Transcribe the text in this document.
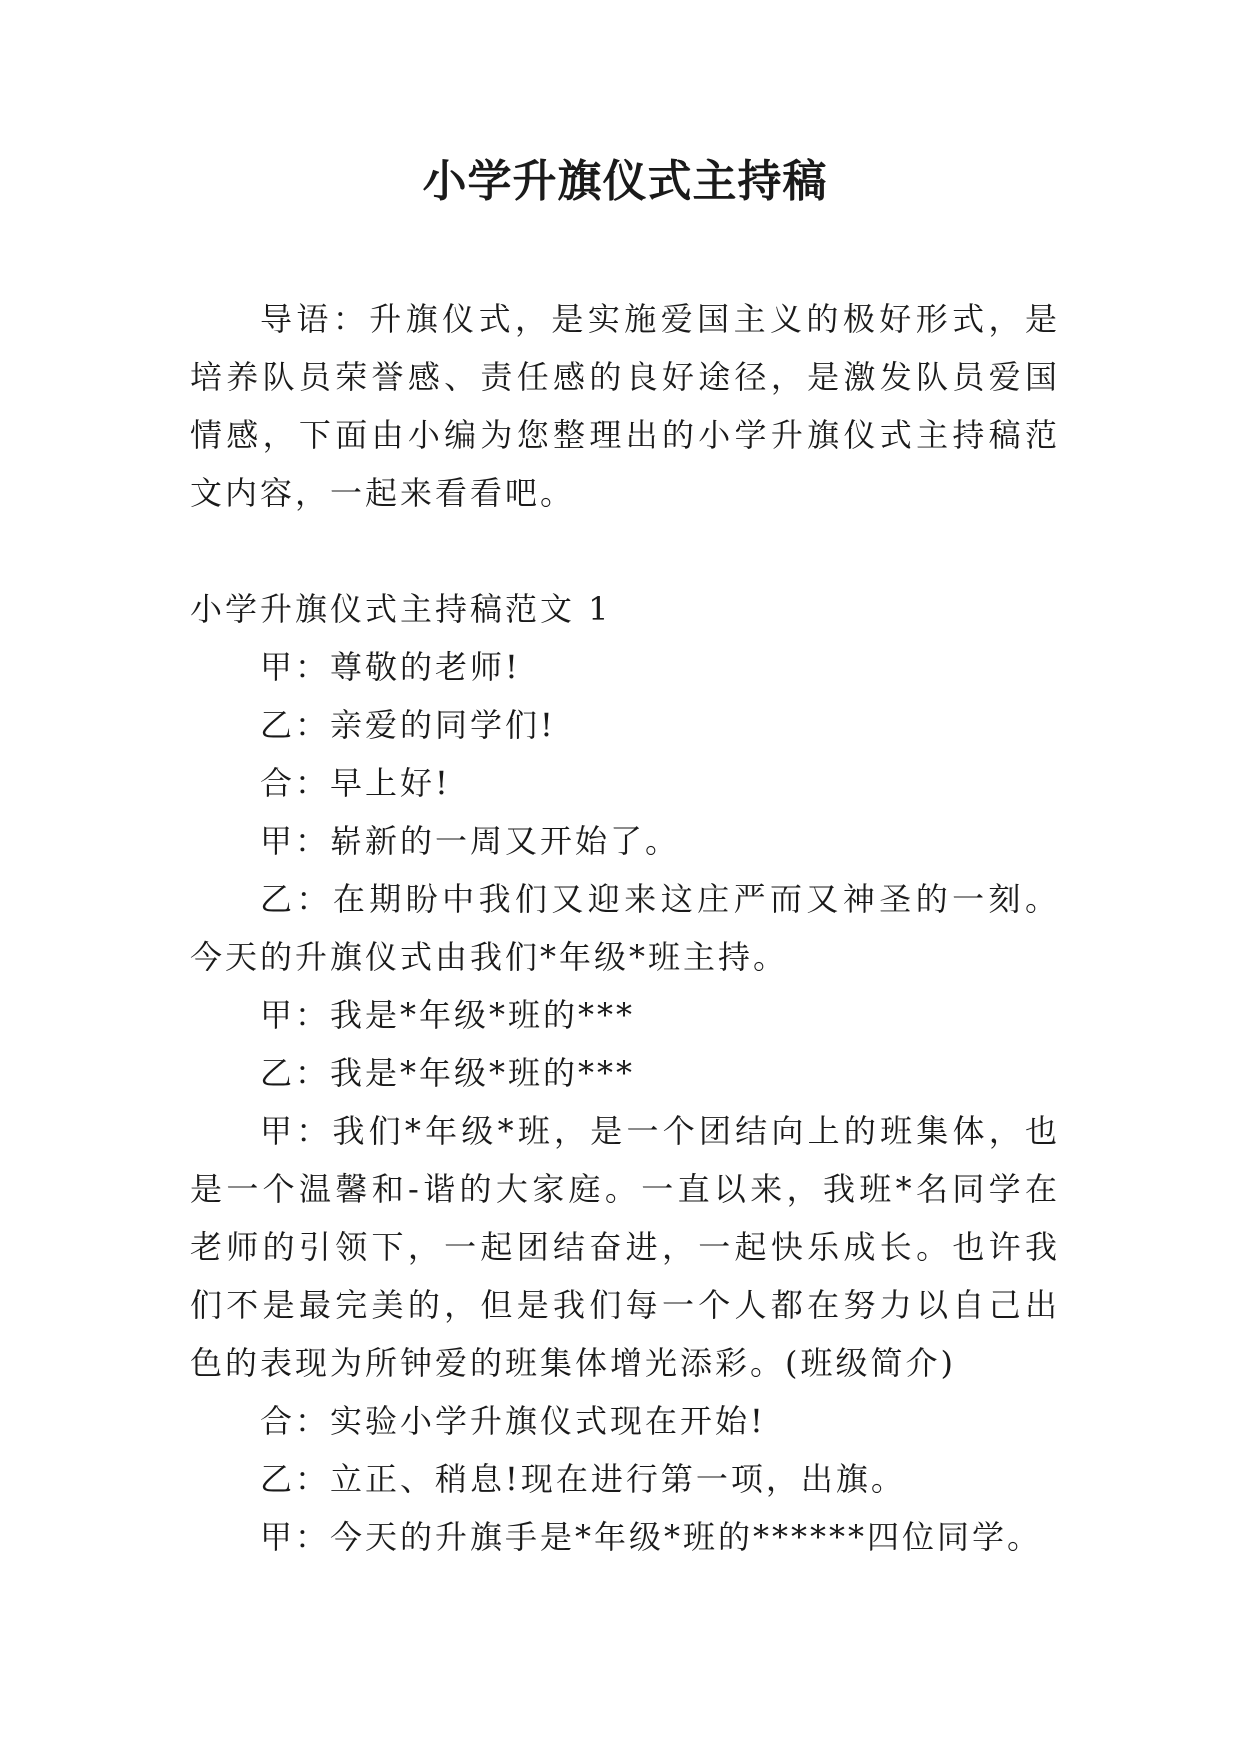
小学升旗仪式主持稿

导语：升旗仪式，是实施爱国主义的极好形式，是培养队员荣誉感、责任感的良好途径，是激发队员爱国情感，下面由小编为您整理出的小学升旗仪式主持稿范文内容，一起来看看吧。

小学升旗仪式主持稿范文 1

甲：尊敬的老师!

乙：亲爱的同学们!

合：早上好!

甲：崭新的一周又开始了。

乙：在期盼中我们又迎来这庄严而又神圣的一刻。今天的升旗仪式由我们*年级*班主持。

甲：我是*年级*班的***

乙：我是*年级*班的***

甲：我们*年级*班，是一个团结向上的班集体，也是一个温馨和-谐的大家庭。一直以来，我班*名同学在老师的引领下，一起团结奋进，一起快乐成长。也许我们不是最完美的，但是我们每一个人都在努力以自己出色的表现为所钟爱的班集体增光添彩。(班级简介)

合：实验小学升旗仪式现在开始!

乙：立正、稍息!现在进行第一项，出旗。

甲：今天的升旗手是*年级*班的******四位同学。
